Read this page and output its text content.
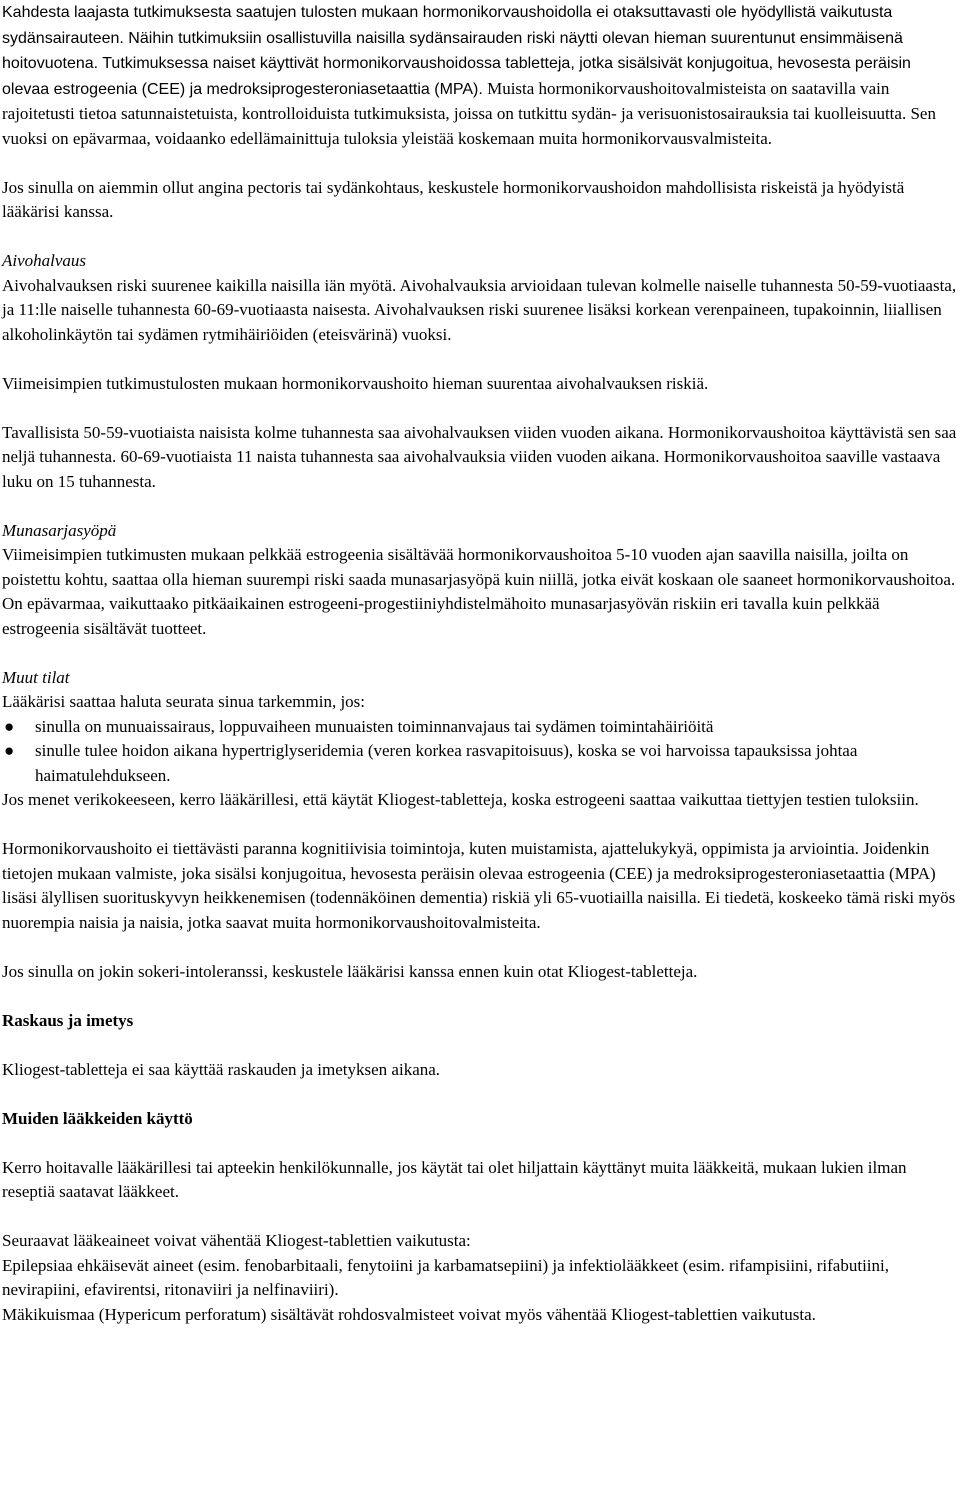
Kahdesta laajasta tutkimuksesta saatujen tulosten mukaan hormonikorvaushoidolla ei otaksuttavasti ole hyödyllistä vaikutusta sydänsairauteen. Näihin tutkimuksiin osallistuvilla naisilla sydänsairauden riski näytti olevan hieman suurentunut ensimmäisenä hoitovuotena. Tutkimuksessa naiset käyttivät hormonikorvaushoidossa tabletteja, jotka sisälsivät konjugoitua, hevosesta peräisin olevaa estrogeenia (CEE) ja medroksiprogesteroniasetaattia (MPA). Muista hormonikorvaushoitovalmisteista on saatavilla vain rajoitetusti tietoa satunnaistetuista, kontrolloiduista tutkimuksista, joissa on tutkittu sydän- ja verisuonistosairauksia tai kuolleisuutta. Sen vuoksi on epävarmaa, voidaanko edellämainittuja tuloksia yleistää koskemaan muita hormonikorvausvalmisteita.

Jos sinulla on aiemmin ollut angina pectoris tai sydänkohtaus, keskustele hormonikorvaushoidon mahdollisista riskeistä ja hyödyistä lääkärisi kanssa.

Aivohalvaus

Aivohalvauksen riski suurenee kaikilla naisilla iän myötä. Aivohalvauksia arvioidaan tulevan kolmelle naiselle tuhannesta 50-59-vuotiaasta, ja 11:lle naiselle tuhannesta 60-69-vuotiaasta naisesta. Aivohalvauksen riski suurenee lisäksi korkean verenpaineen, tupakoinnin, liiallisen alkoholinkäytön tai sydämen rytmihäiriöiden (eteisvärinä) vuoksi.

Viimeisimpien tutkimustulosten mukaan hormonikorvaushoito hieman suurentaa aivohalvauksen riskiä.

Tavallisista 50-59-vuotiaista naisista kolme tuhannesta saa aivohalvauksen viiden vuoden aikana. Hormonikorvaushoitoa käyttävistä sen saa neljä tuhannesta. 60-69-vuotiaista 11 naista tuhannesta saa aivohalvauksia viiden vuoden aikana. Hormonikorvaushoitoa saaville vastaava luku on 15 tuhannesta.

Munasarjasyöpä

Viimeisimpien tutkimusten mukaan pelkkää estrogeenia sisältävää hormonikorvaushoitoa 5-10 vuoden ajan saavilla naisilla, joilta on poistettu kohtu, saattaa olla hieman suurempi riski saada munasarjasyöpä kuin niillä, jotka eivät koskaan ole saaneet hormonikorvaushoitoa. On epävarmaa, vaikuttaako pitkäaikainen estrogeeni-progestiiniyhdistelmähoito munasarjasyövän riskiin eri tavalla kuin pelkkää estrogeenia sisältävät tuotteet.

Muut tilat

Lääkärisi saattaa haluta seurata sinua tarkemmin, jos:

● sinulla on munuaissairaus, loppuvaiheen munuaisten toiminnanvajaus tai sydämen toimintahäiriöitä
● sinulle tulee hoidon aikana hypertriglyseridemia (veren korkea rasvapitoisuus), koska se voi harvoissa tapauksissa johtaa haimatulehdukseen.

Jos menet verikokeeseen, kerro lääkärillesi, että käytät Kliogest-tabletteja, koska estrogeeni saattaa vaikuttaa tiettyjen testien tuloksiin.

Hormonikorvaushoito ei tiettävästi paranna kognitiivisia toimintoja, kuten muistamista, ajattelukykyä, oppimista ja arviointia. Joidenkin tietojen mukaan valmiste, joka sisälsi konjugoitua, hevosesta peräisin olevaa estrogeenia (CEE) ja medroksiprogesteroniasetaattia (MPA) lisäsi älyllisen suorituskyvyn heikkenemisen (todennäköinen dementia) riskiä yli 65-vuotiailla naisilla. Ei tiedetä, koskeeko tämä riski myös nuorempia naisia ja naisia, jotka saavat muita hormonikorvaushoitovalmisteita.

Jos sinulla on jokin sokeri-intoleranssi, keskustele lääkärisi kanssa ennen kuin otat Kliogest-tabletteja.

Raskaus ja imetys

Kliogest-tabletteja ei saa käyttää raskauden ja imetyksen aikana.

Muiden lääkkeiden käyttö

Kerro hoitavalle lääkärillesi tai apteekin henkilökunnalle, jos käytät tai olet hiljattain käyttänyt muita lääkkeitä, mukaan lukien ilman reseptiä saatavat lääkkeet.

Seuraavat lääkeaineet voivat vähentää Kliogest-tablettien vaikutusta:

Epilepsiaa ehkäisevät aineet (esim. fenobarbitaali, fenytoiini ja karbamatsepiini) ja infektiolääkkeet (esim. rifampisiini, rifabutiini, nevirapiini, efavirentsi, ritonaviiri ja nelfinaviiri).

Mäkikuismaa (Hypericum perforatum) sisältävät rohdosvalmisteet voivat myös vähentää Kliogest-tablettien vaikutusta.
